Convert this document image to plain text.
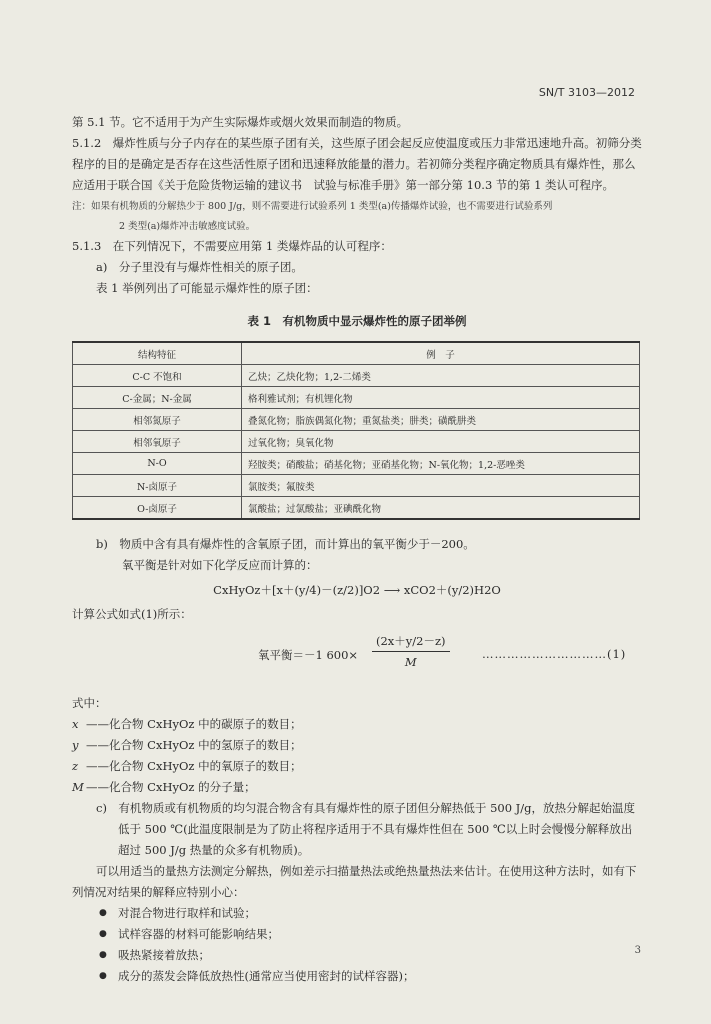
SN/T 3103—2012

第 5.1 节。它不适用于为产生实际爆炸或烟火效果而制造的物质。

5.1.2　爆炸性质与分子内存在的某些原子团有关，这些原子团会起反应使温度或压力非常迅速地升高。初筛分类程序的目的是确定是否存在这些活性原子团和迅速释放能量的潜力。若初筛分类程序确定物质具有爆炸性，那么应适用于联合国《关于危险货物运输的建议书　试验与标准手册》第一部分第 10.3 节的第 1 类认可程序。

注：如果有机物质的分解热少于 800 J/g，则不需要进行试验系列 1 类型(a)传播爆炸试验，也不需要进行试验系列
2 类型(a)爆炸冲击敏感度试验。

5.1.3　在下列情况下，不需要应用第 1 类爆炸品的认可程序：

a)　分子里没有与爆炸性相关的原子团。

表 1 举例列出了可能显示爆炸性的原子团：

表 1　有机物质中显示爆炸性的原子团举例
结构特征	例　子
C-C 不饱和	乙炔；乙炔化物；1,2-二烯类
C-金属；N-金属	格利雅试剂；有机锂化物
相邻氮原子	叠氮化物；脂族偶氮化物；重氮盐类；肼类；磺酰肼类
相邻氧原子	过氧化物；臭氧化物
N-O	羟胺类；硝酸盐；硝基化物；亚硝基化物；N-氧化物；1,2-恶唑类
N-卤原子	氯胺类；氟胺类
O-卤原子	氯酸盐；过氯酸盐；亚碘酰化物

b)　物质中含有具有爆炸性的含氧原子团，而计算出的氧平衡少于－200。

氧平衡是针对如下化学反应而计算的：

CxHyOz＋[x＋(y/4)－(z/2)]O2 ⟶ xCO2＋(y/2)H2O

计算公式如式(1)所示：

氧平衡＝－1 $600\times \frac{(2x+y/2-z)}{M}$	…………………………(1)

式中：

x ——化合物 CxHyOz 中的碳原子的数目；

y ——化合物 CxHyOz 中的氢原子的数目；

z ——化合物 CxHyOz 中的氧原子的数目；

M ——化合物 CxHyOz 的分子量；

c)　有机物质或有机物质的均匀混合物含有具有爆炸性的原子团但分解热低于 500 J/g，放热分解起始温度低于 500 ℃(此温度限制是为了防止将程序适用于不具有爆炸性但在 500 ℃以上时会慢慢分解释放出超过 500 J/g 热量的众多有机物质)。

可以用适当的量热方法测定分解热，例如差示扫描量热法或绝热量热法来估计。在使用这种方法时，如有下列情况对结果的解释应特别小心：

● 对混合物进行取样和试验；

● 试样容器的材料可能影响结果；

● 吸热紧接着放热；

● 成分的蒸发会降低放热性(通常应当使用密封的试样容器)；

3
